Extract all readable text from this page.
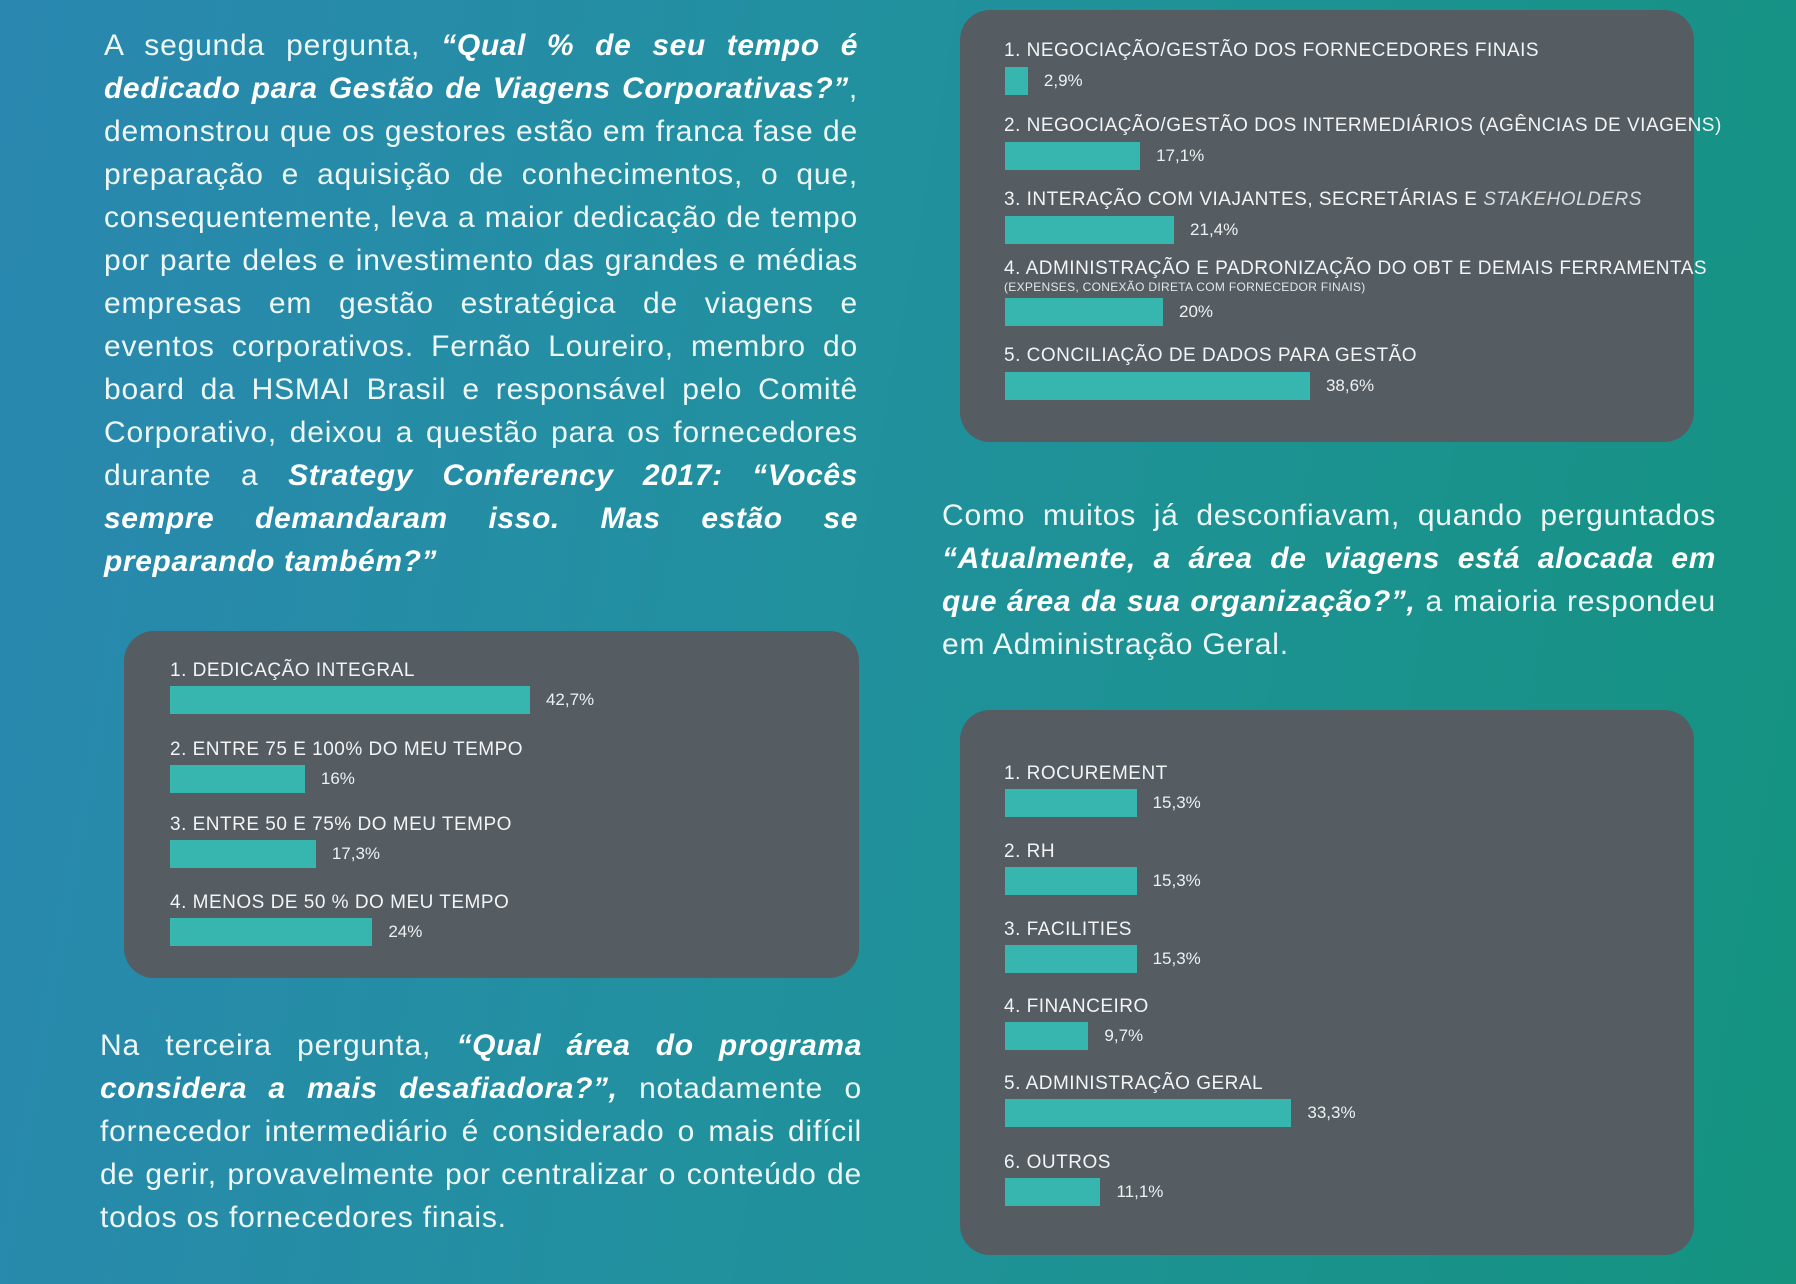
A segunda pergunta, “Qual % de seu tempo é dedicado para Gestão de Viagens Corporativas?”, demonstrou que os gestores estão em franca fase de preparação e aquisição de conhecimentos, o que, consequentemente, leva a maior dedicação de tempo por parte deles e investimento das grandes e médias empresas em gestão estratégica de viagens e eventos corporativos. Fernão Loureiro, membro do board da HSMAI Brasil e responsável pelo Comitê Corporativo, deixou a questão para os fornecedores durante a Strategy Conferency 2017: “Vocês sempre demandaram isso. Mas estão se preparando também?”

Na terceira pergunta, “Qual área do programa considera a mais desafiadora?”, notadamente o fornecedor intermediário é considerado o mais difícil de gerir, provavelmente por centralizar o conteúdo de todos os fornecedores finais.

Como muitos já desconfiavam, quando perguntados “Atualmente, a área de viagens está alocada em que área da sua organização?”, a maioria respondeu em Administração Geral.

1. DEDICAÇÃO INTEGRAL
42,7%
2. ENTRE 75 E 100% DO MEU TEMPO
16%
3. ENTRE 50 E 75% DO MEU TEMPO
17,3%
4. MENOS DE 50 % DO MEU TEMPO
24%
1. NEGOCIAÇÃO/GESTÃO DOS FORNECEDORES FINAIS
2,9%
2. NEGOCIAÇÃO/GESTÃO DOS INTERMEDIÁRIOS (AGÊNCIAS DE VIAGENS)
17,1%
3. INTERAÇÃO COM VIAJANTES, SECRETÁRIAS E STAKEHOLDERS
21,4%
4. ADMINISTRAÇÃO E PADRONIZAÇÃO DO OBT E DEMAIS FERRAMENTAS
(EXPENSES, CONEXÃO DIRETA COM FORNECEDOR FINAIS)
20%
5. CONCILIAÇÃO DE DADOS PARA GESTÃO
38,6%
1. ROCUREMENT
15,3%
2. RH
15,3%
3. FACILITIES
15,3%
4. FINANCEIRO
9,7%
5. ADMINISTRAÇÃO GERAL
33,3%
6. OUTROS
11,1%
